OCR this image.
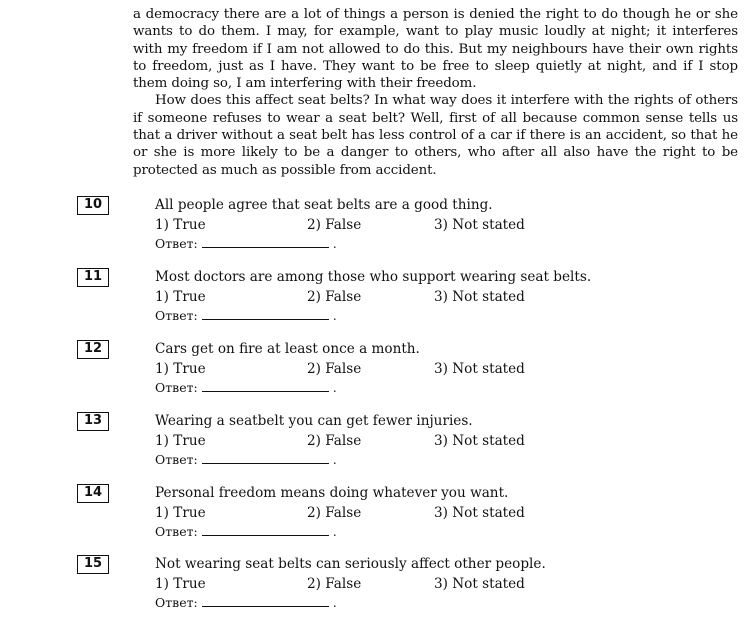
a democracy there are a lot of things a person is denied the right to do though he or she wants to do them. I may, for example, want to play music loudly at night; it interferes with my freedom if I am not allowed to do this. But my neighbours have their own rights to freedom, just as I have. They want to be free to sleep quietly at night, and if I stop them doing so, I am interfering with their freedom.

How does this affect seat belts? In what way does it interfere with the rights of others if someone refuses to wear a seat belt? Well, first of all because common sense tells us that a driver without a seat belt has less control of a car if there is an accident, so that he or she is more likely to be a danger to others, who after all also have the right to be protected as much as possible from accident.

10	All people agree that seat belts are a good thing.
1) True	2) False	3) Not stated
Ответ:	.
11	Most doctors are among those who support wearing seat belts.
1) True	2) False	3) Not stated
Ответ:	.
12	Cars get on fire at least once a month.
1) True	2) False	3) Not stated
Ответ:	.
13	Wearing a seatbelt you can get fewer injuries.
1) True	2) False	3) Not stated
Ответ:	.
14	Personal freedom means doing whatever you want.
1) True	2) False	3) Not stated
Ответ:	.
15	Not wearing seat belts can seriously affect other people.
1) True	2) False	3) Not stated
Ответ:	.
